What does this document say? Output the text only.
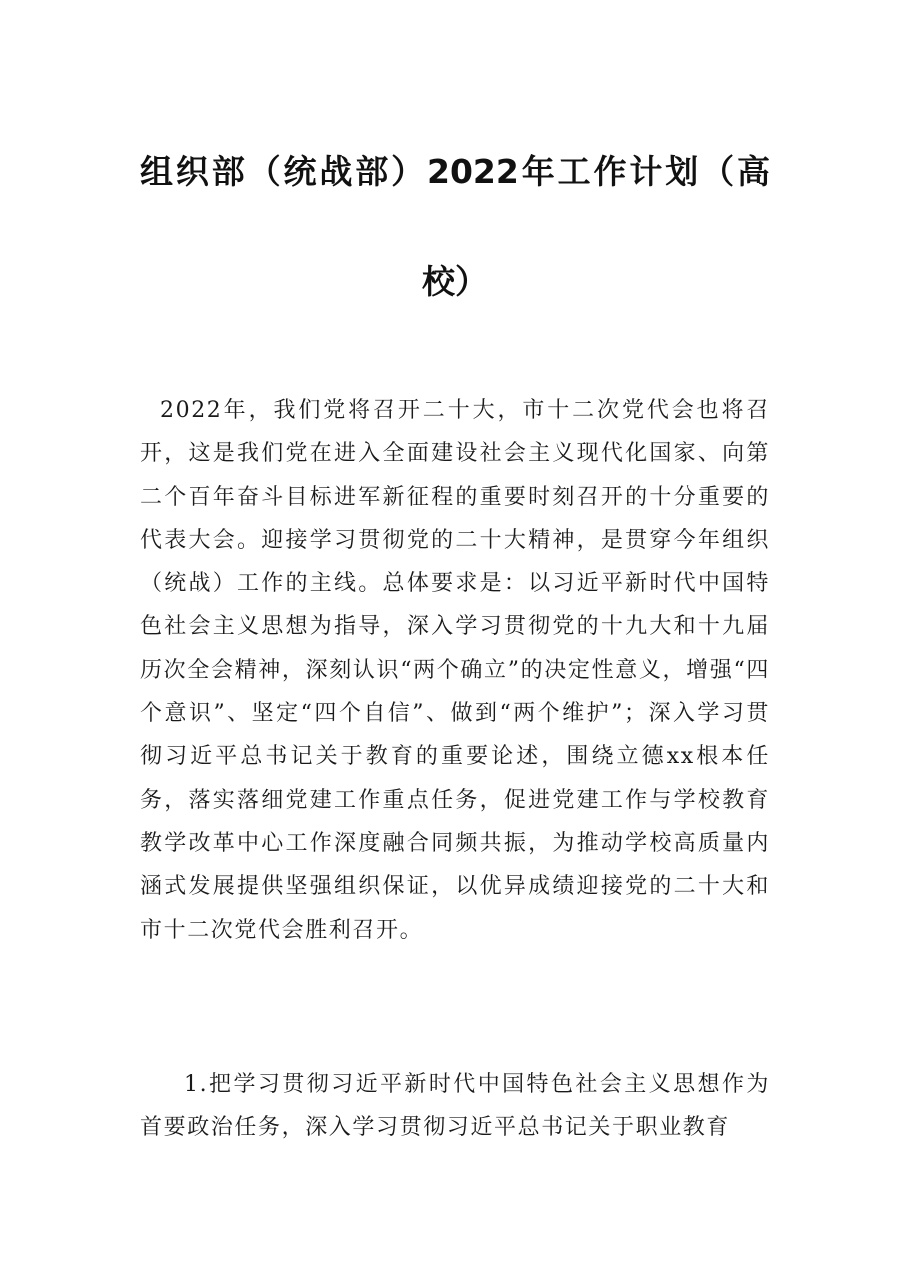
组织部（统战部）2022年工作计划（高
校）
2022年，我们党将召开二十大，市十二次党代会也将召开，这是我们党在进入全面建设社会主义现代化国家、向第二个百年奋斗目标进军新征程的重要时刻召开的十分重要的代表大会。迎接学习贯彻党的二十大精神，是贯穿今年组织（统战）工作的主线。总体要求是：以习近平新时代中国特色社会主义思想为指导，深入学习贯彻党的十九大和十九届历次全会精神，深刻认识“两个确立”的决定性意义，增强“四个意识”、坚定“四个自信”、做到“两个维护”；深入学习贯彻习近平总书记关于教育的重要论述，围绕立德xx根本任务，落实落细党建工作重点任务，促进党建工作与学校教育教学改革中心工作深度融合同频共振，为推动学校高质量内涵式发展提供坚强组织保证，以优异成绩迎接党的二十大和市十二次党代会胜利召开。
1.把学习贯彻习近平新时代中国特色社会主义思想作为首要政治任务，深入学习贯彻习近平总书记关于职业教育
